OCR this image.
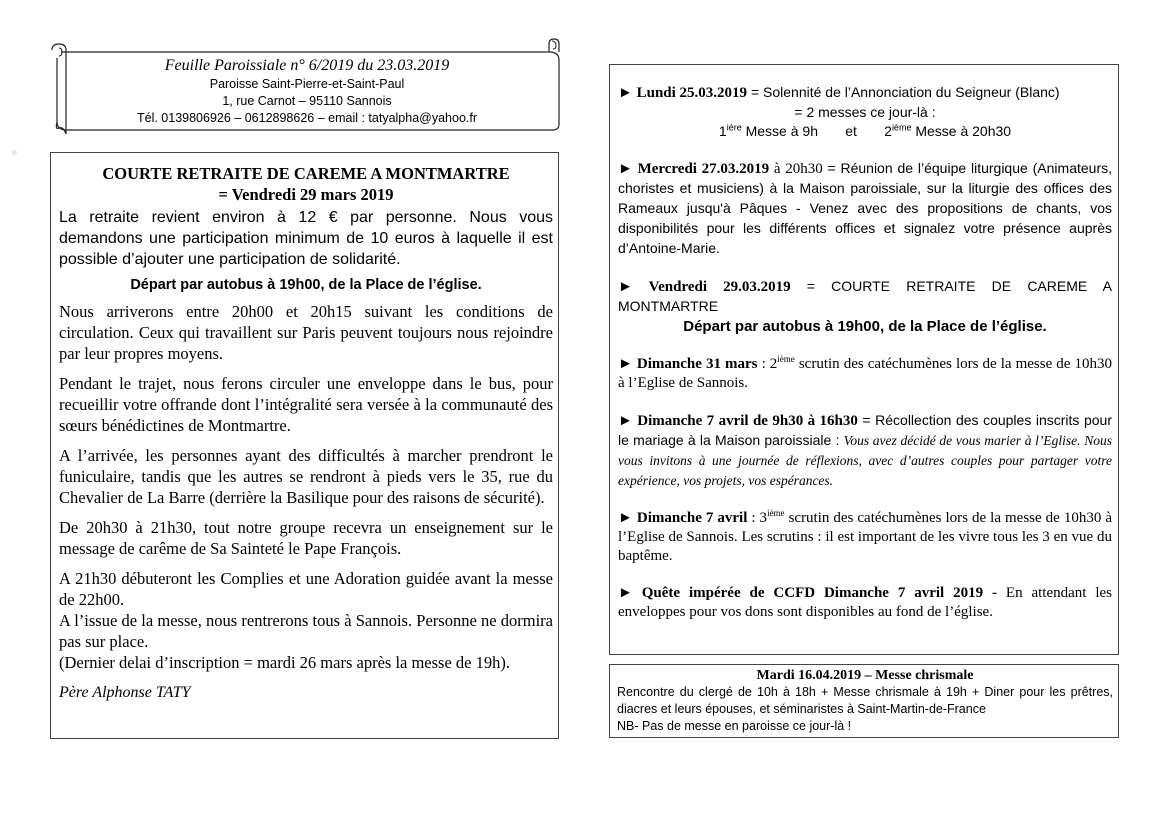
Feuille Paroissiale n° 6/2019 du 23.03.2019

Paroisse Saint-Pierre-et-Saint-Paul

1, rue Carnot – 95110 Sannois

Tél. 0139806926 – 0612898626 – email : tatyalpha@yahoo.fr

COURTE RETRAITE DE CAREME A MONTMARTRE

= Vendredi 29 mars 2019

La retraite revient environ à 12 € par personne. Nous vous demandons une participation minimum de 10 euros à laquelle il est possible d’ajouter une participation de solidarité.

Départ par autobus à 19h00, de la Place de l’église.

Nous arriverons entre 20h00 et 20h15 suivant les conditions de circulation. Ceux qui travaillent sur Paris peuvent toujours nous rejoindre par leur propres moyens.

Pendant le trajet, nous ferons circuler une enveloppe dans le bus, pour recueillir votre offrande dont l’intégralité sera versée à la communauté des sœurs bénédictines de Montmartre.

A l’arrivée, les personnes ayant des difficultés à marcher prendront le funiculaire, tandis que les autres se rendront à pieds vers le 35, rue du Chevalier de La Barre (derrière la Basilique pour des raisons de sécurité).

De 20h30 à 21h30, tout notre groupe recevra un enseignement sur le message de carême de Sa Sainteté le Pape François.

A 21h30 débuteront les Complies et une Adoration guidée avant la messe de 22h00.

A l’issue de la messe, nous rentrerons tous à Sannois. Personne ne dormira pas sur place.

(Dernier delai d’inscription = mardi 26 mars après la messe de 19h).

Père Alphonse TATY

► Lundi 25.03.2019 = Solennité de l’Annonciation du Seigneur (Blanc)

= 2 messes ce jour-là :

$1^{ière}$ Messe à 9h et 2ième Messe à 20h30

► Mercredi 27.03.2019 à 20h30 = Réunion de l’équipe liturgique (Animateurs, choristes et musiciens) à la Maison paroissiale, sur la liturgie des offices des Rameaux jusqu'à Pâques - Venez avec des propositions de chants, vos disponibilités pour les différents offices et signalez votre présence auprès d’Antoine-Marie.

► Vendredi 29.03.2019 = COURTE RETRAITE DE CAREME A MONTMARTRE

Départ par autobus à 19h00, de la Place de l’église.

► Dimanche 31 mars : 2ième scrutin des catéchumènes lors de la messe de 10h30 à l’Eglise de Sannois.

► Dimanche 7 avril de 9h30 à 16h30 = Récollection des couples inscrits pour le mariage à la Maison paroissiale : Vous avez décidé de vous marier à l’Eglise. Nous vous invitons à une journée de réflexions, avec d’autres couples pour partager votre expérience, vos projets, vos espérances.

► Dimanche 7 avril : 3ième scrutin des catéchumènes lors de la messe de 10h30 à l’Eglise de Sannois. Les scrutins : il est important de les vivre tous les 3 en vue du baptême.

► Quête impérée de CCFD Dimanche 7 avril 2019 - En attendant les enveloppes pour vos dons sont disponibles au fond de l’église.

Mardi 16.04.2019 – Messe chrismale

Rencontre du clergé de 10h à 18h + Messe chrismale à 19h + Diner pour les prêtres, diacres et leurs épouses, et séminaristes à Saint-Martin-de-France

NB- Pas de messe en paroisse ce jour-là !
